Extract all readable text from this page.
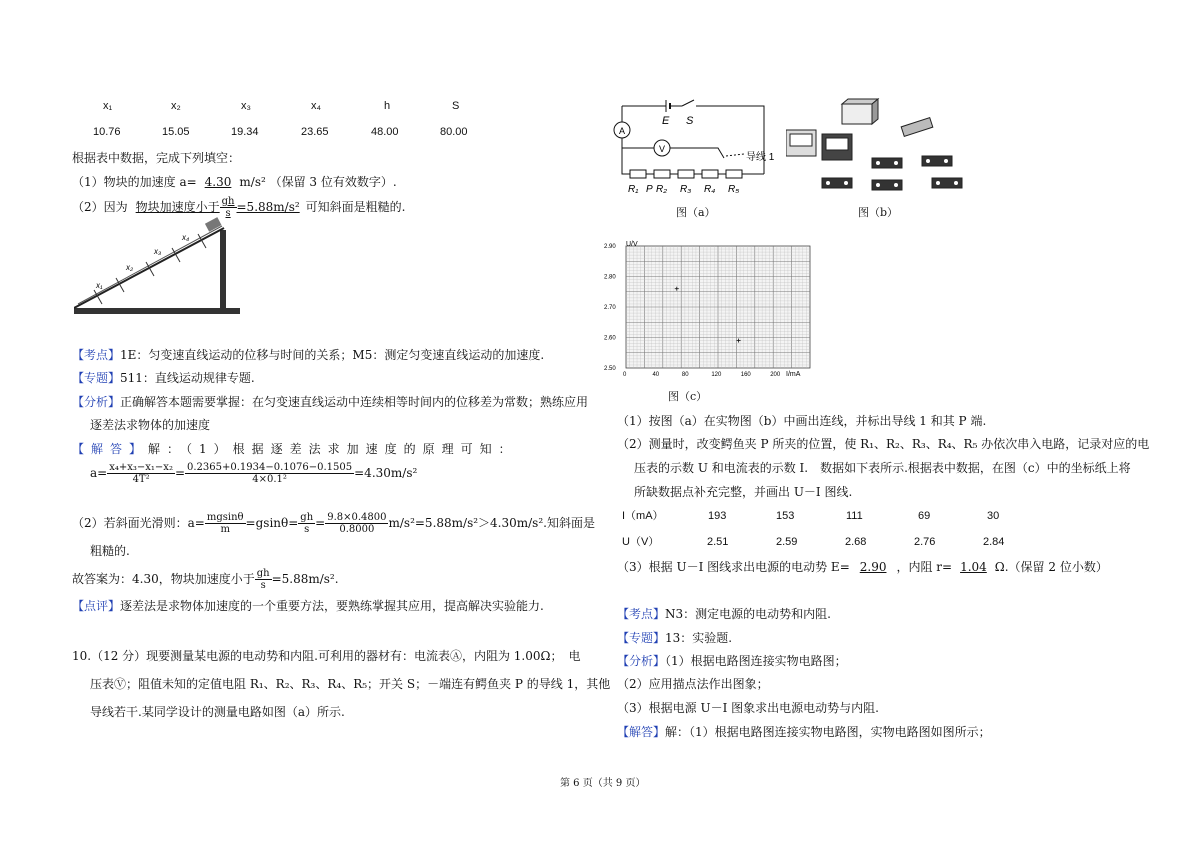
x₁	x₂	x₃	x₄	h	S
10.76	15.05	19.34	23.65	48.00	80.00
根据表中数据，完成下列填空：
（1）物块的加速度 a= 4.30 m/s² （保留 3 位有效数字）.
（2）因为 物块加速度小于 $\frac{gh}{s} =5.88m/s^2$ 可知斜面是粗糙的.
x₁
x₂
x₃
x₄
【考点】1E：匀变速直线运动的位移与时间的关系；M5：测定匀变速直线运动的加速度.
【专题】511：直线运动规律专题.
【分析】正确解答本题需要掌握：在匀变速直线运动中连续相等时间内的位移差为常数；熟练应用
逐差法求物体的加速度
【解答】解：（1）根据逐差法求加速度的原理可知：
$a= \frac{\text{x₄+x₃−x₁−x₂}}{\text{4T²}} = \frac{0.2365+0.1934-0.1076-0.1505}{\text{4×0.1²}} =4.30m/s^2$
（2）若斜面光滑则：$a= \frac{mgsin\theta}{m} =gsin\theta= \frac{gh}{s} = \frac{9.8\times 0.4800}{0.8000} m/s^2=5.88m/s^2>4.30m/s^2$.知斜面是
粗糙的.
故答案为：4.30，物块加速度小于 $\frac{gh}{s} =5.88m/s^2$.
【点评】逐差法是求物体加速度的一个重要方法，要熟练掌握其应用，提高解决实验能力.
10.（12 分）现要测量某电源的电动势和内阻.可利用的器材有：电流表Ⓐ，内阻为 1.00Ω；　电
压表Ⓥ；阻值未知的定值电阻 R₁、R₂、R₃、R₄、R₅；开关 S；－端连有鳄鱼夹 P 的导线 1，其他
导线若干.某同学设计的测量电路如图（a）所示.
A
V
E S
导线 1
R₁ P R₂ R₃ R₄ R₅
图（a）	图（b）
0	40	80	120	160	200
2.50
2.60
2.70
2.80
2.90 U/V
I/mA
图（c）
（1）按图（a）在实物图（b）中画出连线，并标出导线 1 和其 P 端.
（2）测量时，改变鳄鱼夹 P 所夹的位置，使 R₁、R₂、R₃、R₄、R₅ 办依次串入电路，记录对应的电
压表的示数 U 和电流表的示数 I.　数据如下表所示.根据表中数据，在图（c）中的坐标纸上将
所缺数据点补充完整，并画出 U－I 图线.
I（mA）	193	153	111	69	30
U（V）	2.51	2.59	2.68	2.76	2.84
（3）根据 U－I 图线求出电源的电动势 E= 2.90 ，内阻 r= 1.04 Ω.（保留 2 位小数）
【考点】N3：测定电源的电动势和内阻.
【专题】13：实验题.
【分析】（1）根据电路图连接实物电路图；
（2）应用描点法作出图象；
（3）根据电源 U－I 图象求出电源电动势与内阻.
【解答】解：（1）根据电路图连接实物电路图，实物电路图如图所示；
第 6 页（共 9 页）
